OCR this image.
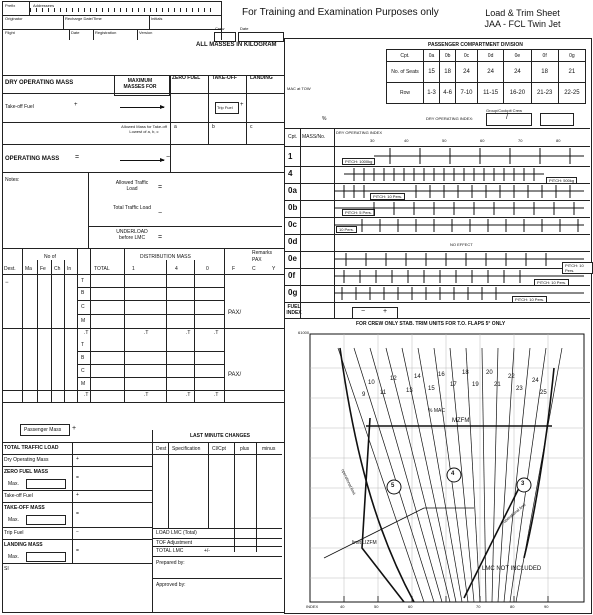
For Training and Examination Purposes only	Load & Trim Sheet
JAA - FCL Twin Jet
Prefix	Addressees
Originator	Recharge Date/Time	Initials
Flight	Date	Registration	Version
Crew	Date
ALL MASSES IN KILOGRAM
DRY OPERATING MASS	MAXIMUM MASSES FOR
ZERO FUEL TAKE-OFF	LANDING
Take-off Fuel	+	Trip Fuel +
Allowed Mass for Take-off Lowest of a, b, c
a	b	c
OPERATING MASS =	−
Notes:	Allowed Traffic Load	=
Total Traffic Load
−
UNDERLOAD before LMC	=
Dest.
No of
Ma Fe Ch In	TOTAL
DISTRIBUTION MASS
1	4	0
Remarks
PAX
F	C	Y
T
B
C
M
PAX/
−
.T	.T	.T	.T
T
B
C
M
PAX/
.T	.T	.T	.T
Passenger Mass +
TOTAL TRAFFIC LOAD
Dry Operating Mass	+
ZERO FUEL MASS
Max.
=
Take-off Fuel	+
TAKE-OFF MASS
Max.
=
Trip Fuel	−
LANDING MASS
Max.
=
SI
LAST MINUTE CHANGES
Dest Specification Cl/Cpt	plus	minus
LOAD LMC (Total)
TOF Adjustment
TOTAL LMC	+/-
Prepared by:
Approved by:
PASSENGER COMPARTMENT DIVISION
Cpt.	0a	0b	0c	0d	0e	0f	0g
No. of Seats	15	18	24	24	24	18	21
Row	1-3	4-6	7-10	11-15	16-20	21-23	22-25
MAC at TOW
%
Group/Cockpit Crew
DRY OPERATING INDEX:	/
Cpt. MASS/No.
DRY OPERATING INDEX
30	40	50	60	70	80
1
4
0a
0b
0c
0d
0e
0f
0g
PITCH: 1000kg
PITCH: 500kg
PITCH: 10 Pers.
PITCH: 5 Pers.
10 Pers.
NO EFFECT
PITCH: 10 Pers.
PITCH: 10 Pers.
PITCH: 10 Pers.
FUEL INDEX	−	+
FOR CREW ONLY STAB. TRIM UNITS FOR T.O. FLAPS 5° ONLY
61000
10
9 11
12
13
14
15
16
17
18
19
20
21
22
23
24
25
% MAC
MZFM
5
4
3
operational limit
operational limit
limit LIZFM
LMC NOT INCLUDED
INDEX	40	50	60	70	80	90
